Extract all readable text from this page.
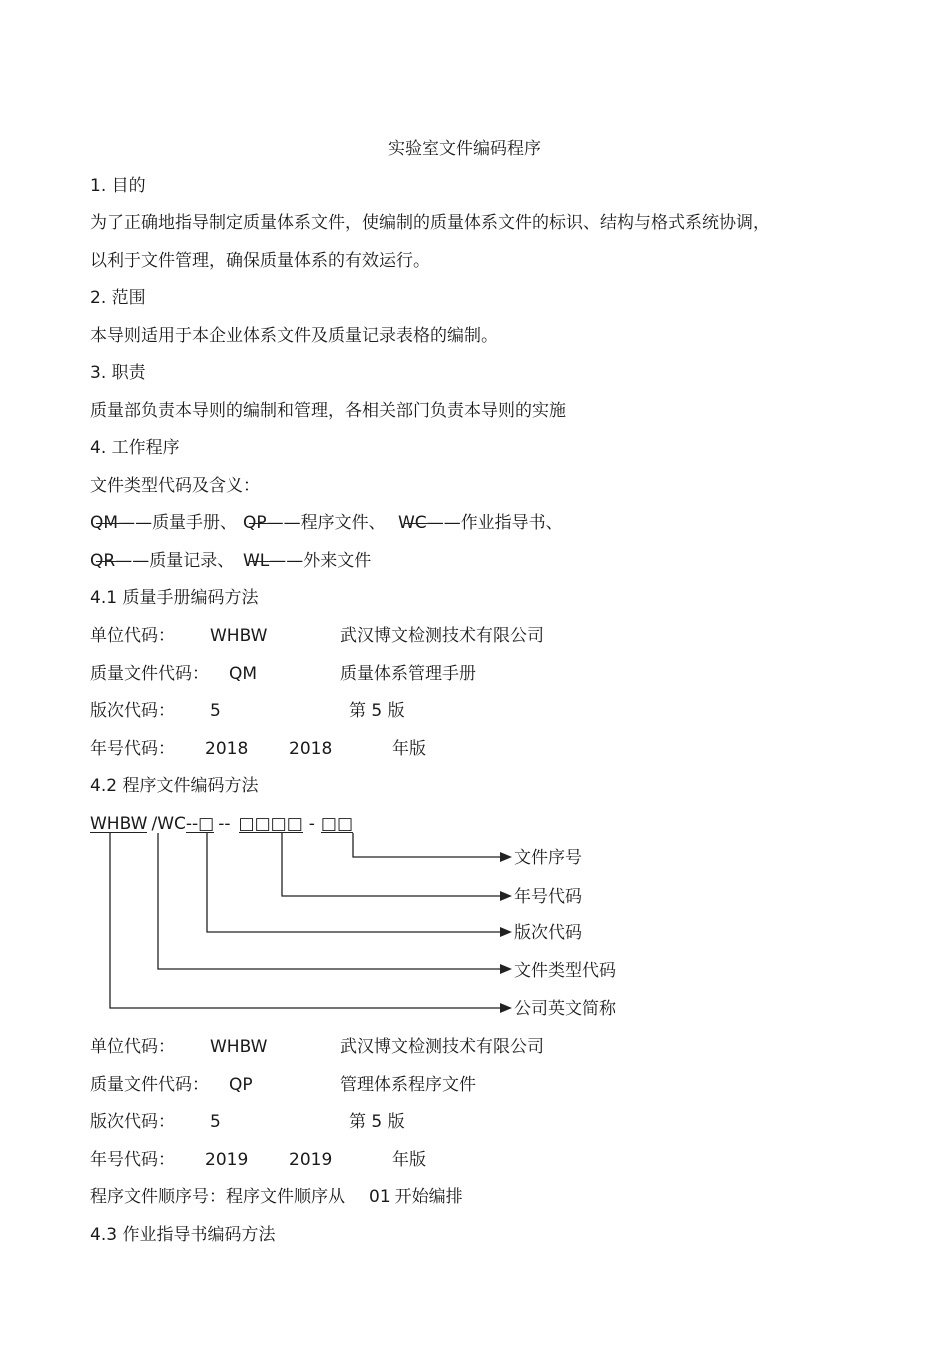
实验室文件编码程序
1. 目的
为了正确地指导制定质量体系文件，使编制的质量体系文件的标识、结构与格式系统协调，
以利于文件管理，确保质量体系的有效运行。
2. 范围
本导则适用于本企业体系文件及质量记录表格的编制。
3. 职责
质量部负责本导则的编制和管理，各相关部门负责本导则的实施
4. 工作程序
文件类型代码及含义：
QM——质量手册、 QP——程序文件、 WC——作业指导书、
QR——质量记录、 WL——外来文件
4.1 质量手册编码方法
单位代码： WHBW	武汉博文检测技术有限公司
质量文件代码： QM	质量体系管理手册
版次代码： 5	第 5 版
年号代码： 2018 2018	年版
4.2 程序文件编码方法
WHBW /WC--□ -- □□□□ - □□
文件序号
年号代码
版次代码
文件类型代码
公司英文简称
单位代码： WHBW	武汉博文检测技术有限公司
质量文件代码： QP	管理体系程序文件
版次代码： 5	第 5 版
年号代码： 2019 2019	年版
程序文件顺序号：程序文件顺序从 01 开始编排
4.3 作业指导书编码方法
